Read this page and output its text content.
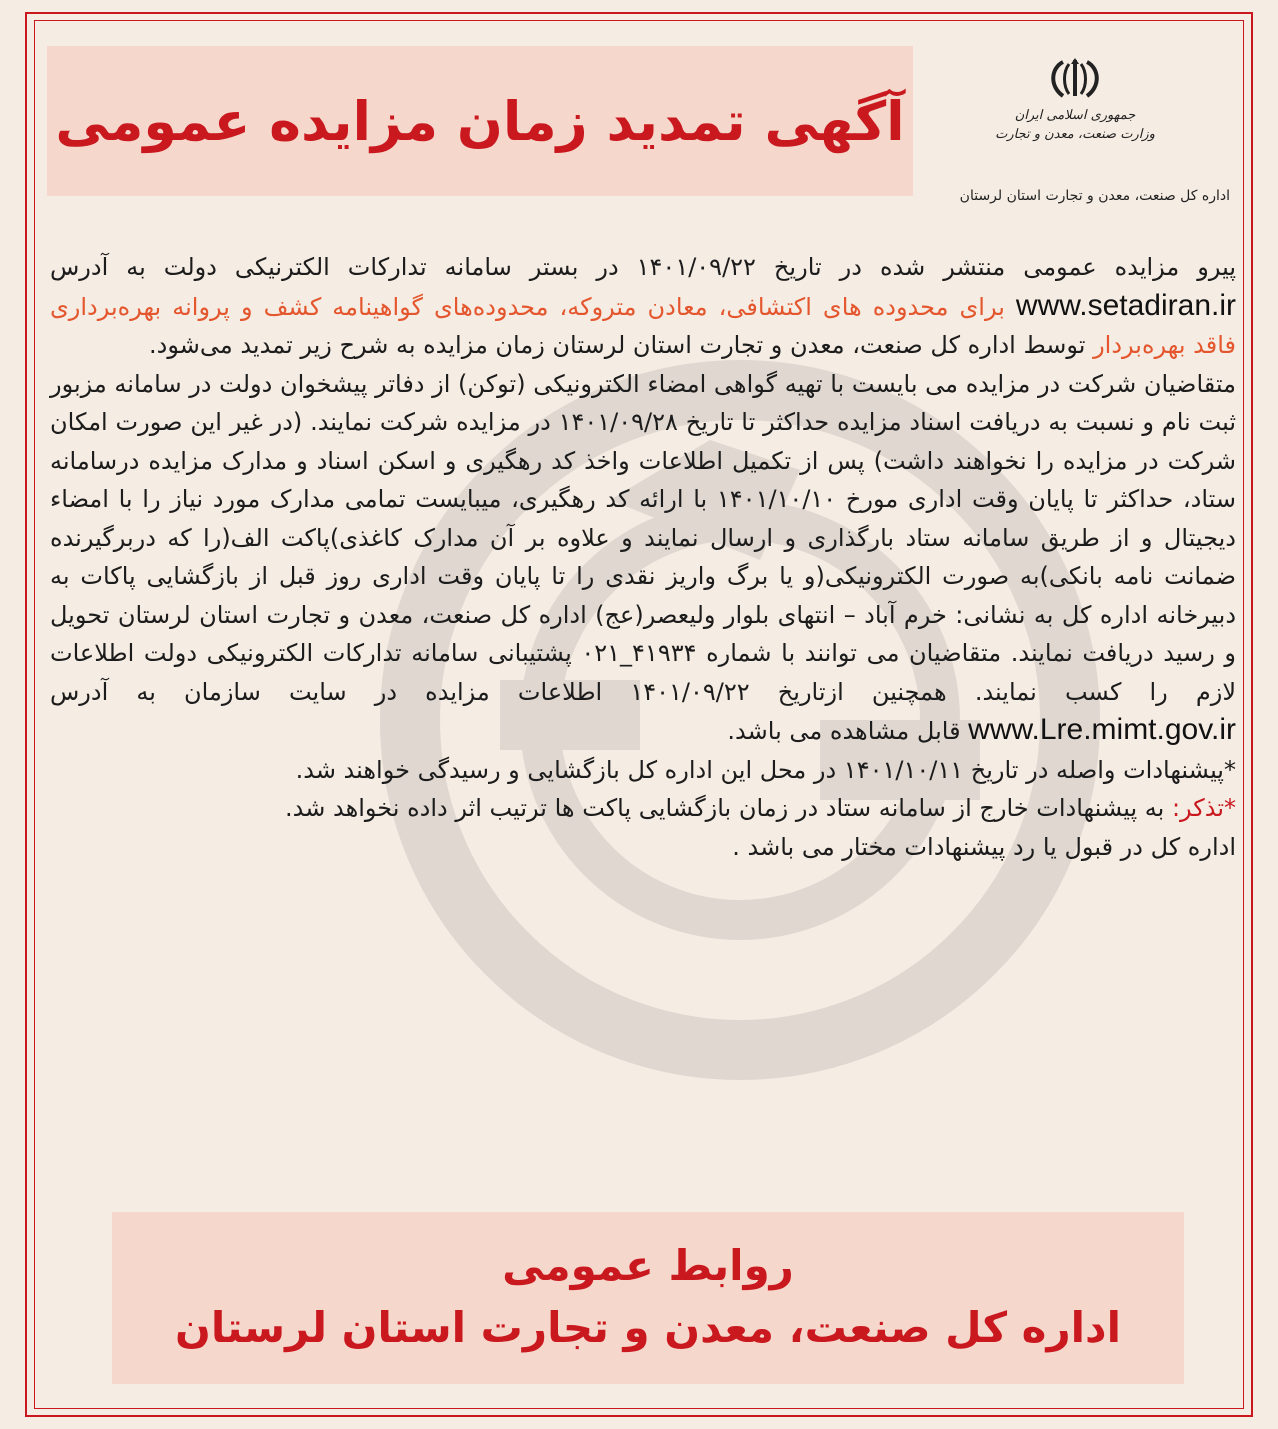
آگهی تمدید زمان مزایده عمومی	جمهوری اسلامی ایران
وزارت صنعت، معدن و تجارت
اداره کل صنعت، معدن و تجارت استان لرستان

پیرو مزایده عمومی منتشر شده در تاریخ ۱۴۰۱/۰۹/۲۲ در بستر سامانه تدارکات الکترنیکی دولت به آدرس www.setadiran.ir برای محدوده های اکتشافی، معادن متروکه، محدوده‌های گواهینامه کشف و پروانه بهره‌برداری فاقد بهره‌بردار توسط اداره کل صنعت، معدن و تجارت استان لرستان زمان مزایده به شرح زیر تمدید می‌شود.

متقاضیان شرکت در مزایده می بایست با تهیه گواهی امضاء الکترونیکی (توکن) از دفاتر پیشخوان دولت در سامانه مزبور ثبت نام و نسبت به دریافت اسناد مزایده حداکثر تا تاریخ ۱۴۰۱/۰۹/۲۸ در مزایده شرکت نمایند. (در غیر این صورت امکان شرکت در مزایده را نخواهند داشت) پس از تکمیل اطلاعات واخذ کد رهگیری و اسکن اسناد و مدارک مزایده درسامانه ستاد، حداکثر تا پایان وقت اداری مورخ ۱۴۰۱/۱۰/۱۰ با ارائه کد رهگیری، میبایست تمامی مدارک مورد نیاز را با امضاء دیجیتال و از طریق سامانه ستاد بارگذاری و ارسال نمایند و علاوه بر آن مدارک کاغذی)پاکت الف(را که دربرگیرنده ضمانت نامه بانکی)به صورت الکترونیکی(و یا برگ واریز نقدی را تا پایان وقت اداری روز قبل از بازگشایی پاکات به دبیرخانه اداره کل به نشانی: خرم آباد – انتهای بلوار ولیعصر(عج) اداره کل صنعت، معدن و تجارت استان لرستان تحویل و رسید دریافت نمایند. متقاضیان می توانند با شماره ۴۱۹۳۴_۰۲۱ پشتیبانی سامانه تدارکات الکترونیکی دولت اطلاعات لازم را کسب نمایند. همچنین ازتاریخ ۱۴۰۱/۰۹/۲۲ اطلاعات مزایده در سایت سازمان به آدرس www.Lre.mimt.gov.ir قابل مشاهده می باشد.

*پیشنهادات واصله در تاریخ ۱۴۰۱/۱۰/۱۱ در محل این اداره کل بازگشایی و رسیدگی خواهند شد.

*تذکر: به پیشنهادات خارج از سامانه ستاد در زمان بازگشایی پاکت ها ترتیب اثر داده نخواهد شد.

اداره کل در قبول یا رد پیشنهادات مختار می باشد .

روابط عمومی
اداره کل صنعت، معدن و تجارت استان لرستان
